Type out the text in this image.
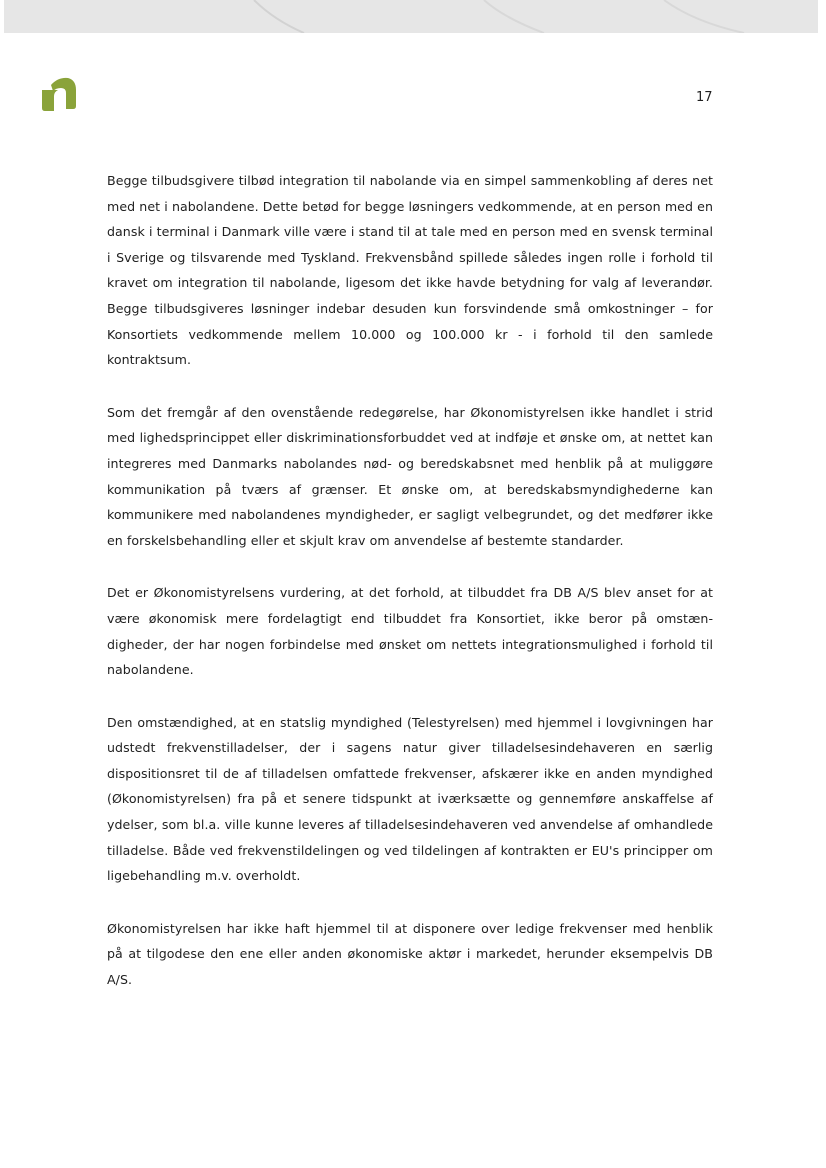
17

Begge tilbudsgivere tilbød integration til nabolande via en simpel sammenkobling af deres net med net i nabolandene. Dette betød for begge løsningers vedkommende, at en person med en dansk i terminal i Danmark ville være i stand til at tale med en person med en svensk terminal i Sverige og tilsvarende med Tyskland. Frekvensbånd spillede således ingen rolle i forhold til kravet om integration til nabolande, ligesom det ikke havde betydning for valg af leverandør. Begge tilbudsgiveres løsninger indebar desuden kun forsvindende små omkostninger – for Konsortiets vedkommende mellem 10.000 og 100.000 kr - i forhold til den samlede kontraktsum.

Som det fremgår af den ovenstående redegørelse, har Økonomistyrelsen ikke handlet i strid med lighedsprincippet eller diskriminationsforbuddet ved at indføje et ønske om, at nettet kan integreres med Danmarks nabolandes nød- og beredskabsnet med henblik på at muliggøre kommunikation på tværs af grænser. Et ønske om, at beredskabsmyndighederne kan kommunikere med nabolandenes myndigheder, er sagligt velbegrundet, og det medfører ikke en forskelsbehandling eller et skjult krav om anvendelse af bestemte standarder.

Det er Økonomistyrelsens vurdering, at det forhold, at tilbuddet fra DB A/S blev anset for at være økonomisk mere fordelagtigt end tilbuddet fra Konsortiet, ikke beror på omstændigheder, der har nogen forbindelse med ønsket om nettets integrationsmulighed i forhold til nabolandene.

Den omstændighed, at en statslig myndighed (Telestyrelsen) med hjemmel i lovgivningen har udstedt frekvenstilladelser, der i sagens natur giver tilladelsesindehaveren en særlig dispositionsret til de af tilladelsen omfattede frekvenser, afskærer ikke en anden myndighed (Økonomistyrelsen) fra på et senere tidspunkt at iværksætte og gennemføre anskaffelse af ydelser, som bl.a. ville kunne leveres af tilladelsesindehaveren ved anvendelse af omhandlede tilladelse. Både ved frekvenstildelingen og ved tildelingen af kontrakten er EU's principper om ligebehandling m.v. overholdt.

Økonomistyrelsen har ikke haft hjemmel til at disponere over ledige frekvenser med henblik på at tilgodese den ene eller anden økonomiske aktør i markedet, herunder eksempelvis DB A/S.
